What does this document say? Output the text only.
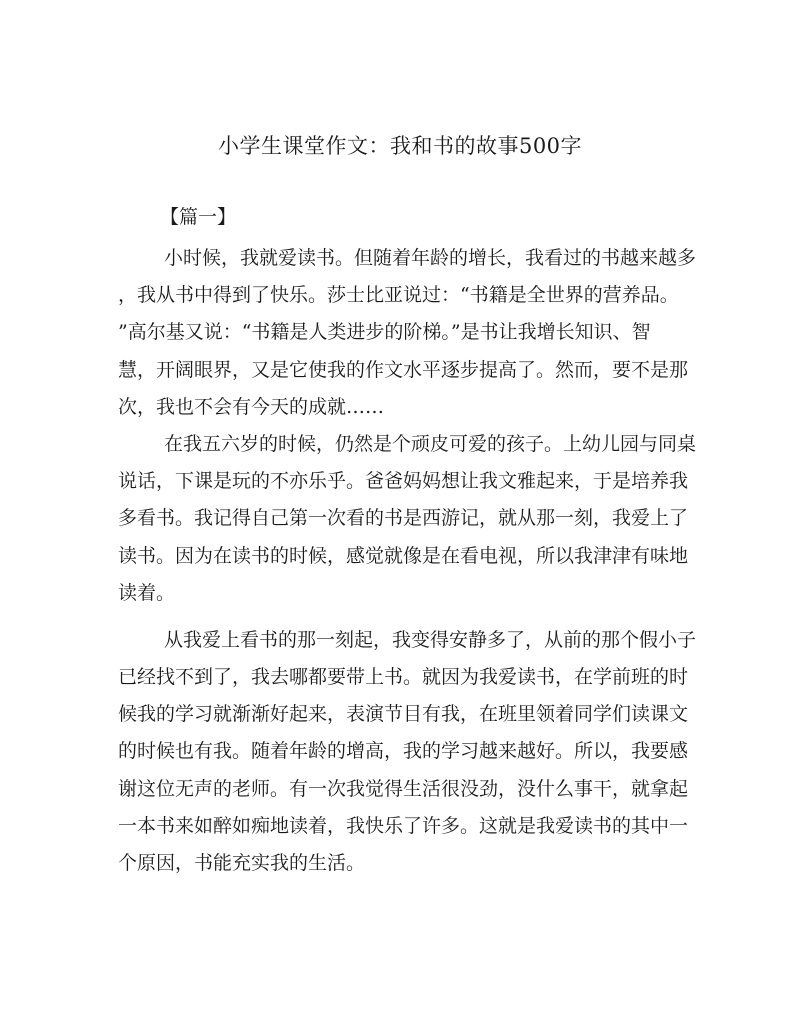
小学生课堂作文：我和书的故事500字
【篇一】
小时候，我就爱读书。但随着年龄的增长，我看过的书越来越多
，我从书中得到了快乐。莎士比亚说过：“书籍是全世界的营养品。
”高尔基又说：“书籍是人类进步的阶梯。”是书让我增长知识、智
慧，开阔眼界，又是它使我的作文水平逐步提高了。然而，要不是那
次，我也不会有今天的成就……
在我五六岁的时候，仍然是个顽皮可爱的孩子。上幼儿园与同桌
说话，下课是玩的不亦乐乎。爸爸妈妈想让我文雅起来，于是培养我
多看书。我记得自己第一次看的书是西游记，就从那一刻，我爱上了
读书。因为在读书的时候，感觉就像是在看电视，所以我津津有味地
读着。
从我爱上看书的那一刻起，我变得安静多了，从前的那个假小子
已经找不到了，我去哪都要带上书。就因为我爱读书，在学前班的时
候我的学习就渐渐好起来，表演节目有我，在班里领着同学们读课文
的时候也有我。随着年龄的增高，我的学习越来越好。所以，我要感
谢这位无声的老师。有一次我觉得生活很没劲，没什么事干，就拿起
一本书来如醉如痴地读着，我快乐了许多。这就是我爱读书的其中一
个原因，书能充实我的生活。
